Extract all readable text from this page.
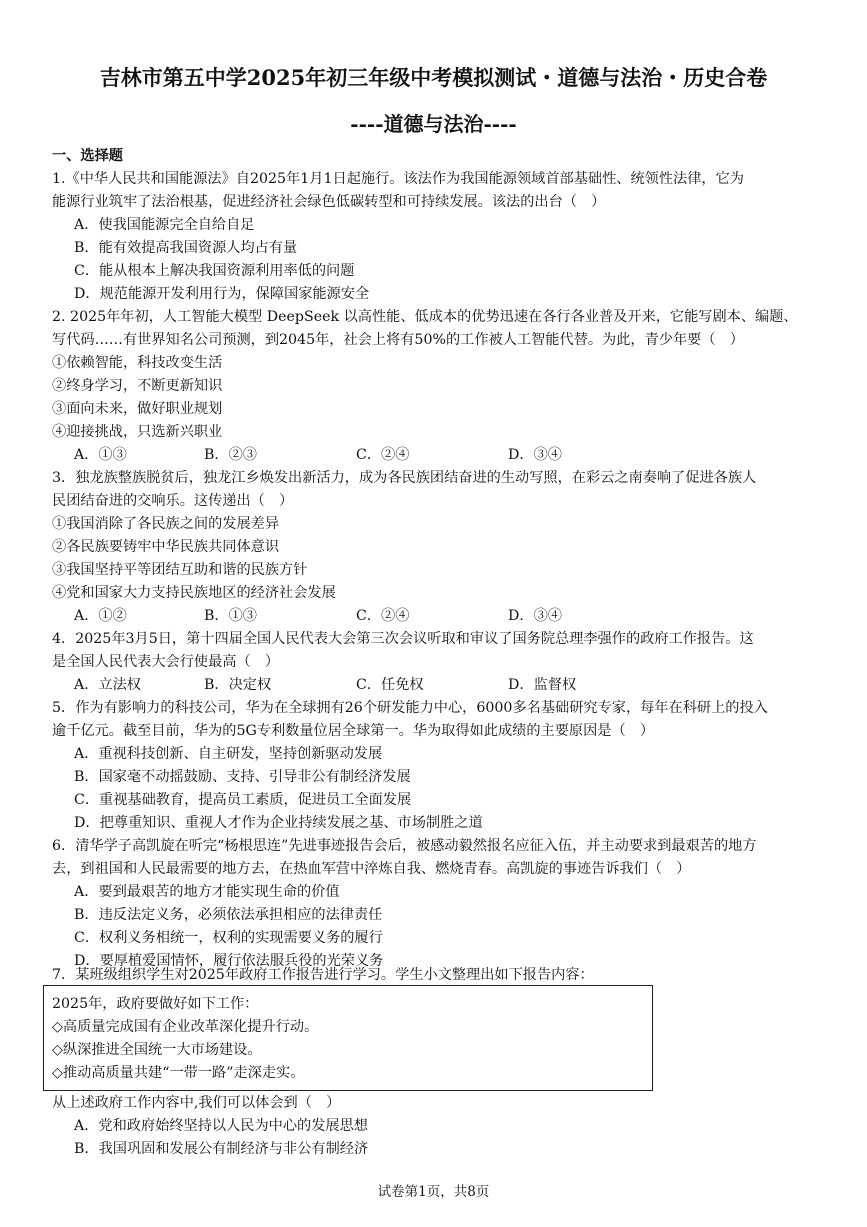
吉林市第五中学2025年初三年级中考模拟测试・道德与法治・历史合卷
----道德与法治----
一、选择题
1.《中华人民共和国能源法》自2025年1月1日起施行。该法作为我国能源领域首部基础性、统领性法律，它为
能源行业筑牢了法治根基，促进经济社会绿色低碳转型和可持续发展。该法的出台（　）
A．使我国能源完全自给自足
B．能有效提高我国资源人均占有量
C．能从根本上解决我国资源利用率低的问题
D．规范能源开发利用行为，保障国家能源安全
2. 2025年年初，人工智能大模型 DeepSeek 以高性能、低成本的优势迅速在各行各业普及开来，它能写剧本、编题、
写代码……有世界知名公司预测，到2045年，社会上将有50%的工作被人工智能代替。为此，青少年要（　）
①依赖智能，科技改变生活
②终身学习，不断更新知识
③面向未来，做好职业规划
④迎接挑战，只选新兴职业
A．①③	B．②③	C．②④	D．③④
3．独龙族整族脱贫后，独龙江乡焕发出新活力，成为各民族团结奋进的生动写照，在彩云之南奏响了促进各族人
民团结奋进的交响乐。这传递出（　）
①我国消除了各民族之间的发展差异
②各民族要铸牢中华民族共同体意识
③我国坚持平等团结互助和谐的民族方针
④党和国家大力支持民族地区的经济社会发展
A．①②	B．①③	C．②④	D．③④
4．2025年3月5日，第十四届全国人民代表大会第三次会议听取和审议了国务院总理李强作的政府工作报告。这
是全国人民代表大会行使最高（　）
A．立法权	B．决定权	C．任免权	D．监督权
5．作为有影响力的科技公司，华为在全球拥有26个研发能力中心，6000多名基础研究专家，每年在科研上的投入
逾千亿元。截至目前，华为的5G专利数量位居全球第一。华为取得如此成绩的主要原因是（　）
A．重视科技创新、自主研发，坚持创新驱动发展
B．国家毫不动摇鼓励、支持、引导非公有制经济发展
C．重视基础教育，提高员工素质，促进员工全面发展
D．把尊重知识、重视人才作为企业持续发展之基、市场制胜之道
6．清华学子高凯旋在听完“杨根思连”先进事迹报告会后，被感动毅然报名应征入伍，并主动要求到最艰苦的地方
去，到祖国和人民最需要的地方去，在热血军营中淬炼自我、燃烧青春。高凯旋的事迹告诉我们（　）
A．要到最艰苦的地方才能实现生命的价值
B．违反法定义务，必须依法承担相应的法律责任
C．权利义务相统一，权利的实现需要义务的履行
D．要厚植爱国情怀，履行依法服兵役的光荣义务
7．某班级组织学生对2025年政府工作报告进行学习。学生小文整理出如下报告内容：
2025年，政府要做好如下工作：
◇高质量完成国有企业改革深化提升行动。
◇纵深推进全国统一大市场建设。
◇推动高质量共建“一带一路”走深走实。
从上述政府工作内容中,我们可以体会到（　）
A．党和政府始终坚持以人民为中心的发展思想
B．我国巩固和发展公有制经济与非公有制经济
试卷第1页，共8页
